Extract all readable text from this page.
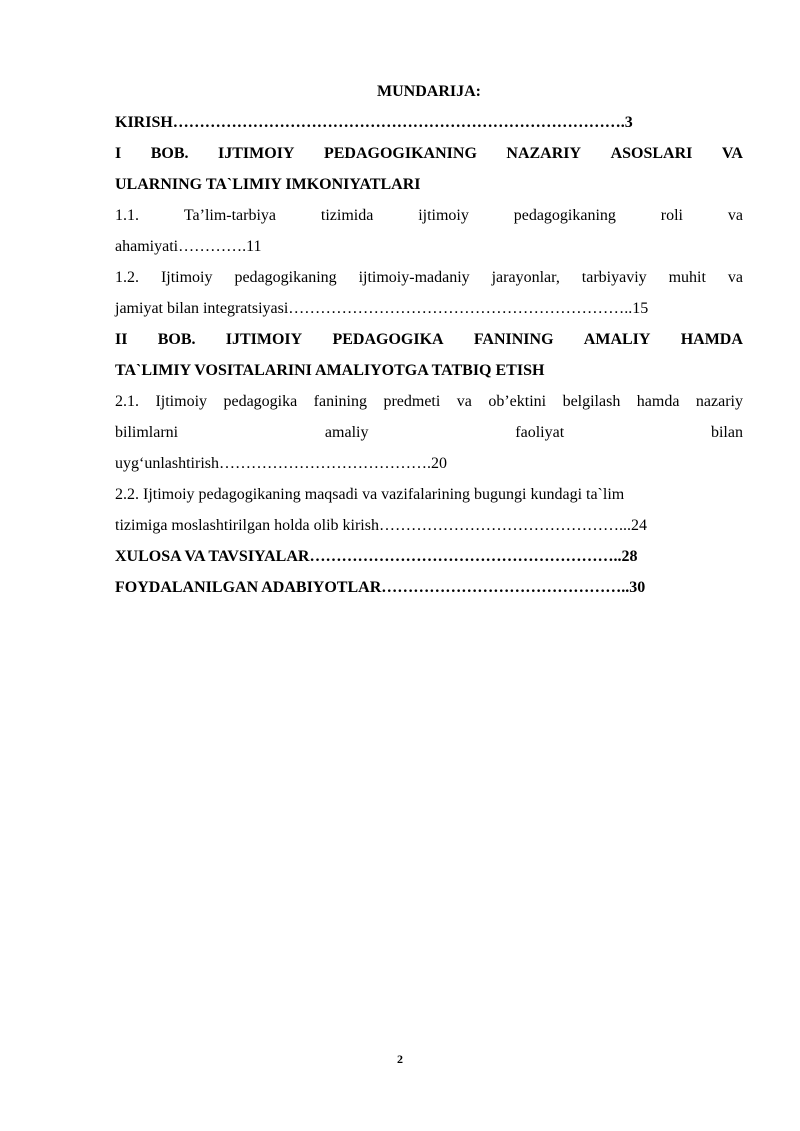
MUNDARIJA:
KIRISH………………………………………………………………………….3
I BOB. IJTIMOIY PEDAGOGIKANING NAZARIY ASOSLARI VA
ULARNING TA`LIMIY IMKONIYATLARI
1.1.	Ta’lim-tarbiya	tizimida	ijtimoiy	pedagogikaning	roli	va
ahamiyati………….11
1.2. Ijtimoiy pedagogikaning ijtimoiy-madaniy jarayonlar, tarbiyaviy muhit va
jamiyat bilan integratsiyasi………………………………………………………..15
II BOB. IJTIMOIY PEDAGOGIKA FANINING AMALIY HAMDA
TA`LIMIY VOSITALARINI AMALIYOTGA TATBIQ ETISH
2.1. Ijtimoiy pedagogika fanining predmeti va ob’ektini belgilash hamda nazariy
bilimlarni	amaliy	faoliyat	bilan
uyg‘unlashtirish………………………………….20
2.2. Ijtimoiy pedagogikaning maqsadi va vazifalarining bugungi kundagi ta`lim
tizimiga moslashtirilgan holda olib kirish………………………………………...24
XULOSA VA TAVSIYALAR…………………………………………………..28
FOYDALANILGAN ADABIYOTLAR………………………………………..30
2
